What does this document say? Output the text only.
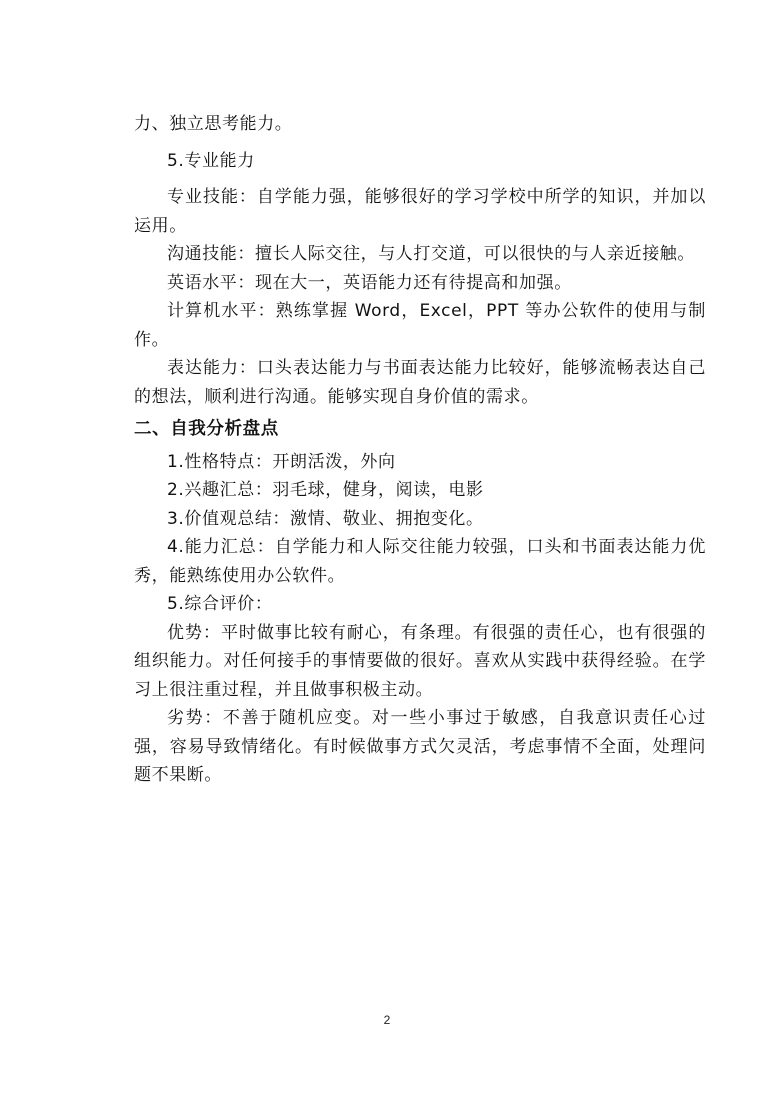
力、独立思考能力。

5.专业能力

专业技能：自学能力强，能够很好的学习学校中所学的知识，并加以运用。

沟通技能：擅长人际交往，与人打交道，可以很快的与人亲近接触。

英语水平：现在大一，英语能力还有待提高和加强。

计算机水平：熟练掌握 Word，Excel，PPT 等办公软件的使用与制作。

表达能力：口头表达能力与书面表达能力比较好，能够流畅表达自己的想法，顺利进行沟通。能够实现自身价值的需求。

二、自我分析盘点

1.性格特点：开朗活泼，外向

2.兴趣汇总：羽毛球，健身，阅读，电影

3.价值观总结：激情、敬业、拥抱变化。

4.能力汇总：自学能力和人际交往能力较强，口头和书面表达能力优秀，能熟练使用办公软件。

5.综合评价：

优势：平时做事比较有耐心，有条理。有很强的责任心，也有很强的组织能力。对任何接手的事情要做的很好。喜欢从实践中获得经验。在学习上很注重过程，并且做事积极主动。

劣势：不善于随机应变。对一些小事过于敏感，自我意识责任心过强，容易导致情绪化。有时候做事方式欠灵活，考虑事情不全面，处理问题不果断。

2
